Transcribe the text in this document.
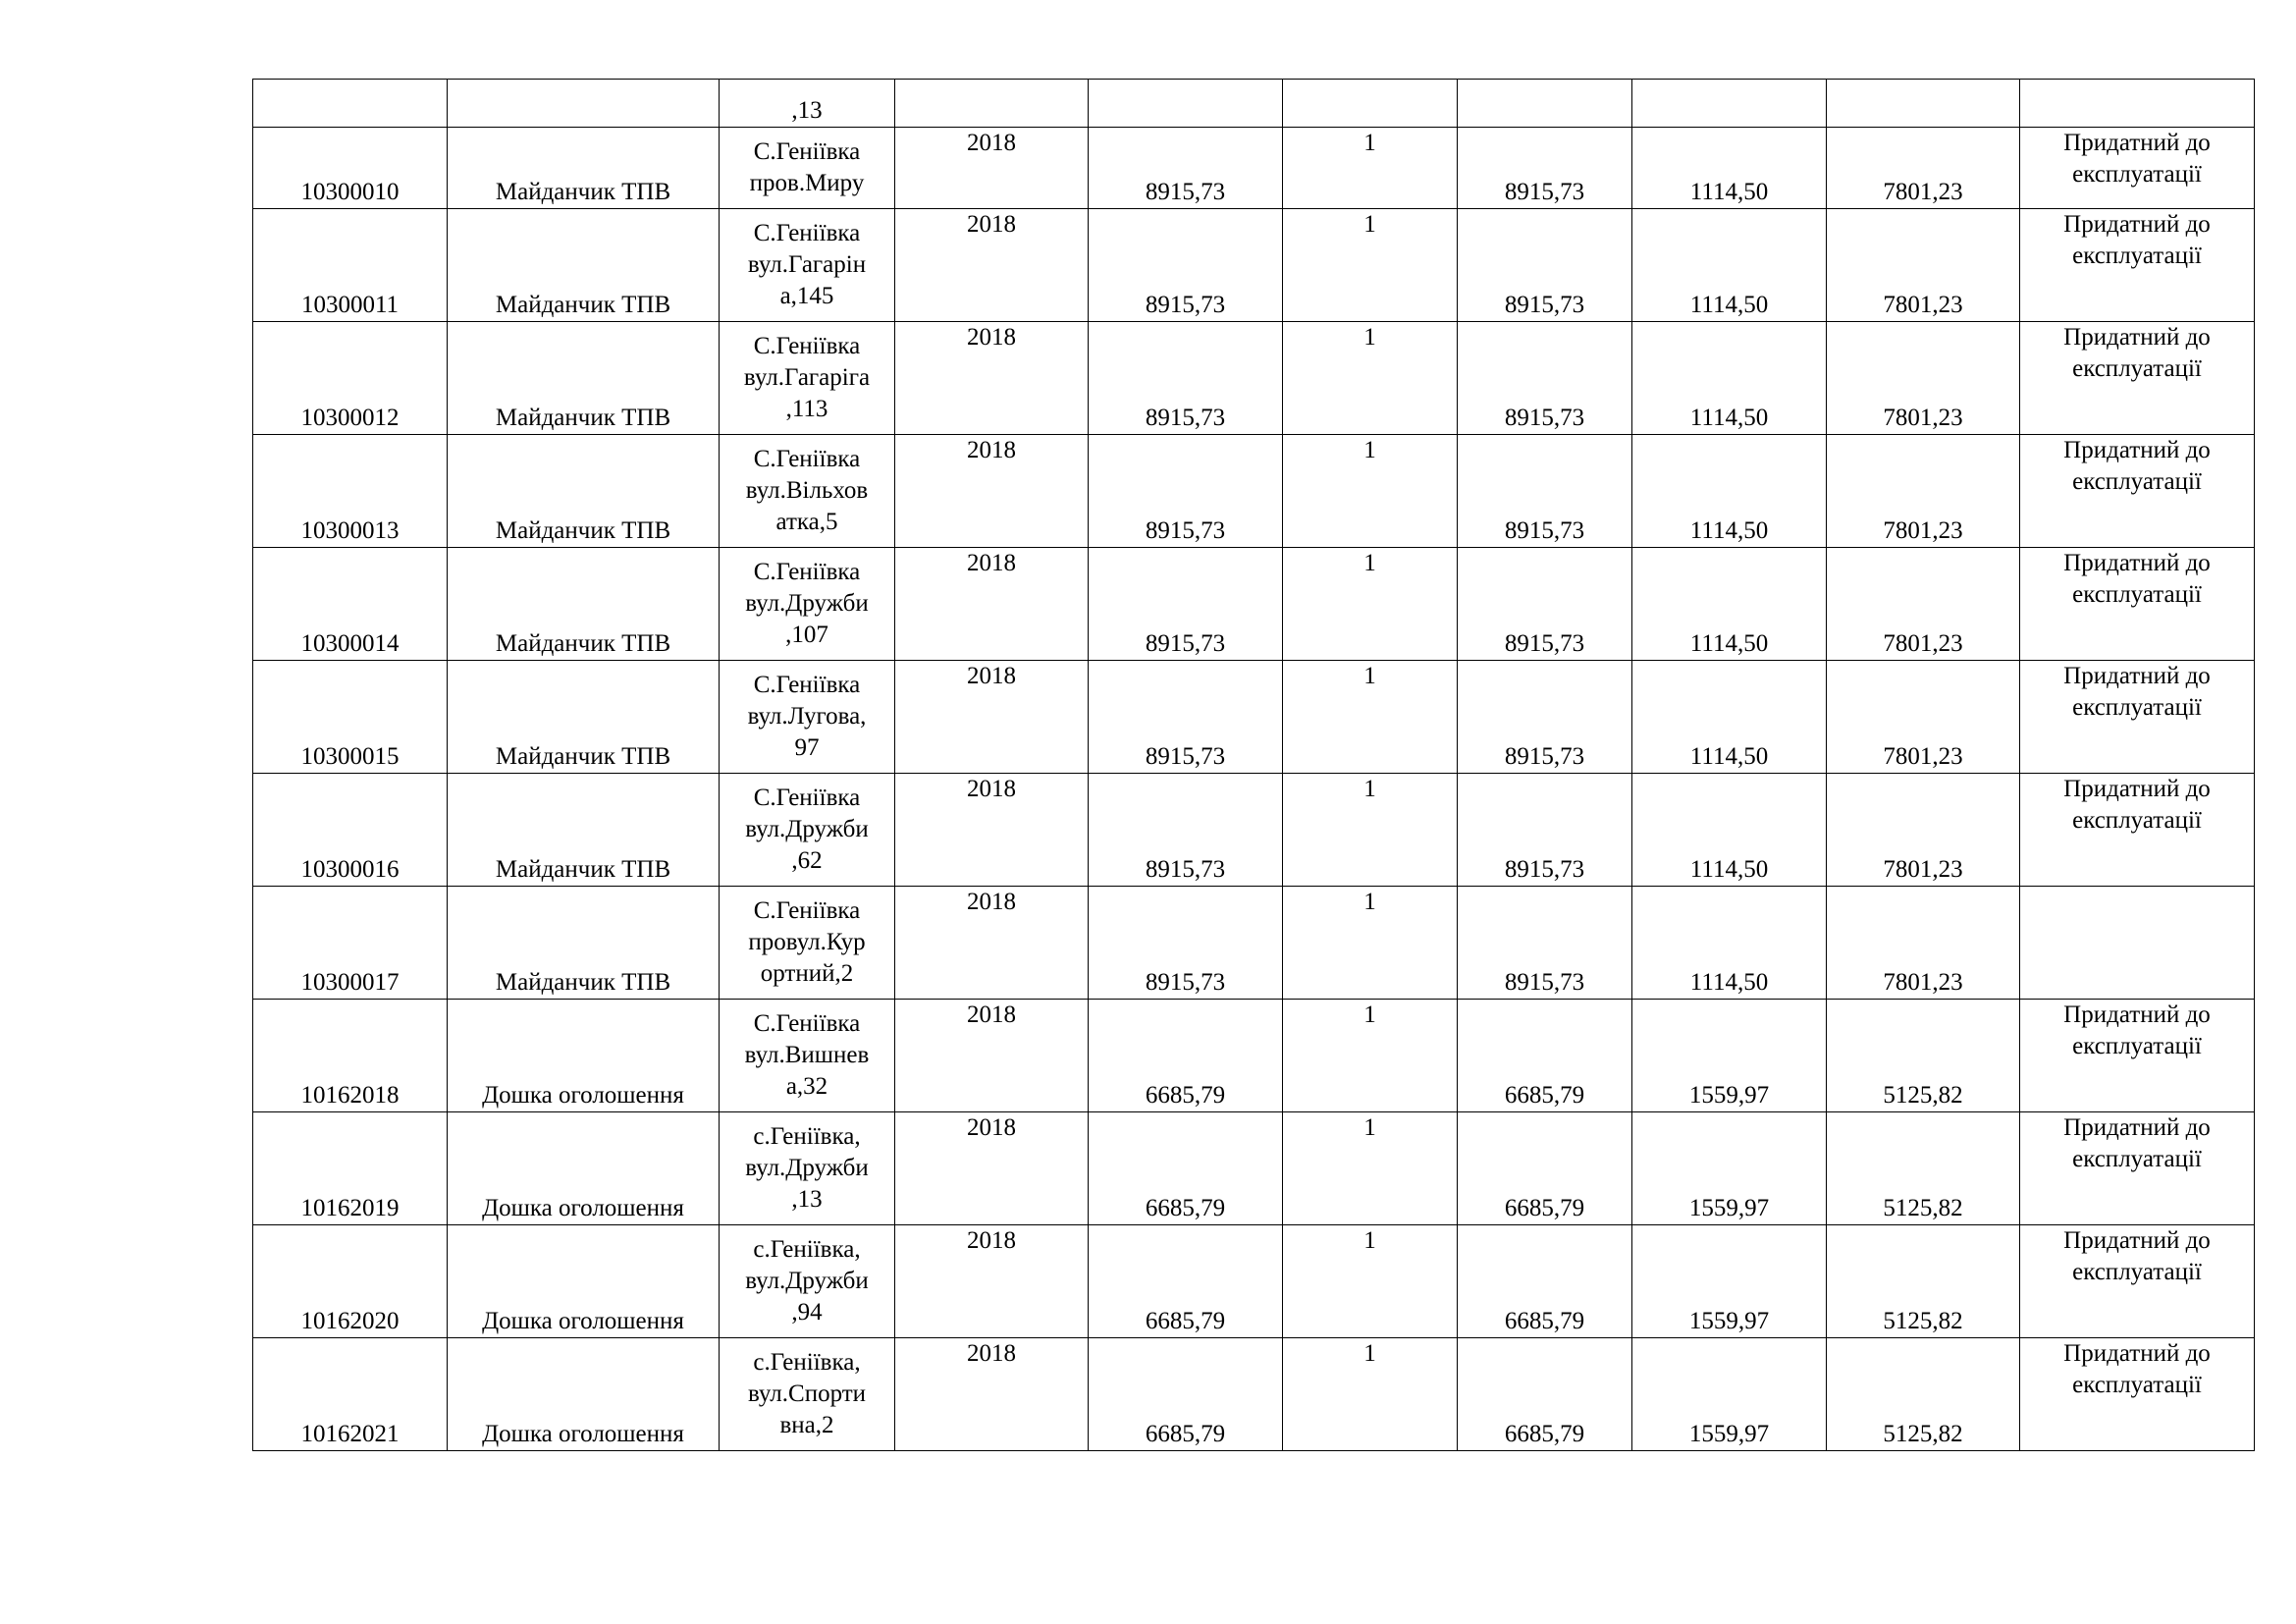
		,13							

10300010	Майданчик ТПВ	С.Геніївка
пров.Миру	2018	8915,73	1	8915,73	1114,50	7801,23	Придатний до
експлуатації

10300011	Майданчик ТПВ	С.Геніївка
вул.Гагарін
а,145	2018	8915,73	1	8915,73	1114,50	7801,23	Придатний до
експлуатації

10300012	Майданчик ТПВ	С.Геніївка
вул.Гагаріга
,113	2018	8915,73	1	8915,73	1114,50	7801,23	Придатний до
експлуатації

10300013	Майданчик ТПВ	С.Геніївка
вул.Вільхов
атка,5	2018	8915,73	1	8915,73	1114,50	7801,23	Придатний до
експлуатації

10300014	Майданчик ТПВ	С.Геніївка
вул.Дружби
,107	2018	8915,73	1	8915,73	1114,50	7801,23	Придатний до
експлуатації

10300015	Майданчик ТПВ	С.Геніївка
вул.Лугова,
97	2018	8915,73	1	8915,73	1114,50	7801,23	Придатний до
експлуатації

10300016	Майданчик ТПВ	С.Геніївка
вул.Дружби
,62	2018	8915,73	1	8915,73	1114,50	7801,23	Придатний до
експлуатації

10300017	Майданчик ТПВ	С.Геніївка
провул.Кур
ортний,2	2018	8915,73	1	8915,73	1114,50	7801,23	
10162018	Дошка оголошення	С.Геніївка
вул.Вишнев
а,32	2018	6685,79	1	6685,79	1559,97	5125,82	Придатний до
експлуатації

10162019	Дошка оголошення	с.Геніївка,
вул.Дружби
,13	2018	6685,79	1	6685,79	1559,97	5125,82	Придатний до
експлуатації

10162020	Дошка оголошення	с.Геніївка,
вул.Дружби
,94	2018	6685,79	1	6685,79	1559,97	5125,82	Придатний до
експлуатації

10162021	Дошка оголошення	с.Геніївка,
вул.Спорти
вна,2	2018	6685,79	1	6685,79	1559,97	5125,82	Придатний до
експлуатації
